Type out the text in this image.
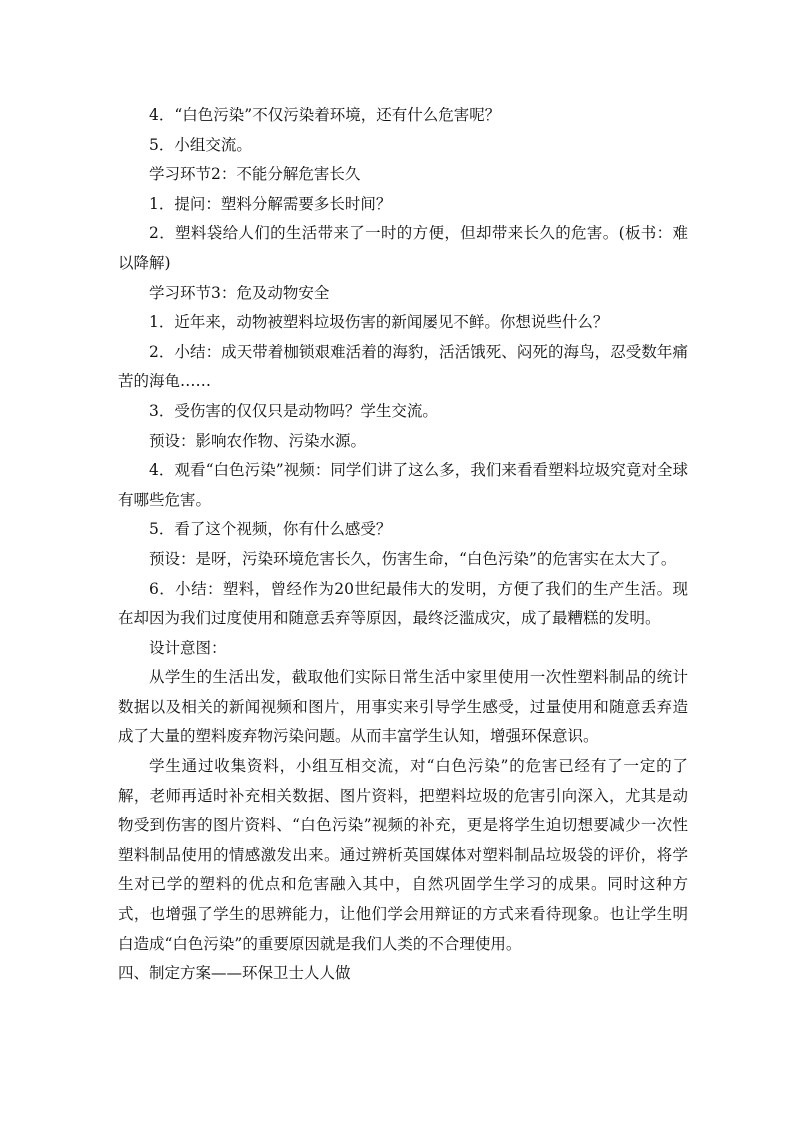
4．“白色污染”不仅污染着环境，还有什么危害呢？

5．小组交流。

学习环节2：不能分解危害长久

1．提问：塑料分解需要多长时间？

2．塑料袋给人们的生活带来了一时的方便，但却带来长久的危害。(板书：难以降解)

学习环节3：危及动物安全

1．近年来，动物被塑料垃圾伤害的新闻屡见不鲜。你想说些什么？

2．小结：成天带着枷锁艰难活着的海豹，活活饿死、闷死的海鸟，忍受数年痛苦的海龟……

3．受伤害的仅仅只是动物吗？学生交流。

预设：影响农作物、污染水源。

4．观看“白色污染”视频：同学们讲了这么多，我们来看看塑料垃圾究竟对全球有哪些危害。

5．看了这个视频，你有什么感受？

预设：是呀，污染环境危害长久，伤害生命，“白色污染”的危害实在太大了。

6．小结：塑料，曾经作为20世纪最伟大的发明，方便了我们的生产生活。现在却因为我们过度使用和随意丢弃等原因，最终泛滥成灾，成了最糟糕的发明。

设计意图：

从学生的生活出发，截取他们实际日常生活中家里使用一次性塑料制品的统计数据以及相关的新闻视频和图片，用事实来引导学生感受，过量使用和随意丢弃造成了大量的塑料废弃物污染问题。从而丰富学生认知，增强环保意识。

学生通过收集资料，小组互相交流，对“白色污染”的危害已经有了一定的了解，老师再适时补充相关数据、图片资料，把塑料垃圾的危害引向深入，尤其是动物受到伤害的图片资料、“白色污染”视频的补充，更是将学生迫切想要减少一次性塑料制品使用的情感激发出来。通过辨析英国媒体对塑料制品垃圾袋的评价，将学生对已学的塑料的优点和危害融入其中，自然巩固学生学习的成果。同时这种方式，也增强了学生的思辨能力，让他们学会用辩证的方式来看待现象。也让学生明白造成“白色污染”的重要原因就是我们人类的不合理使用。

四、制定方案——环保卫士人人做
